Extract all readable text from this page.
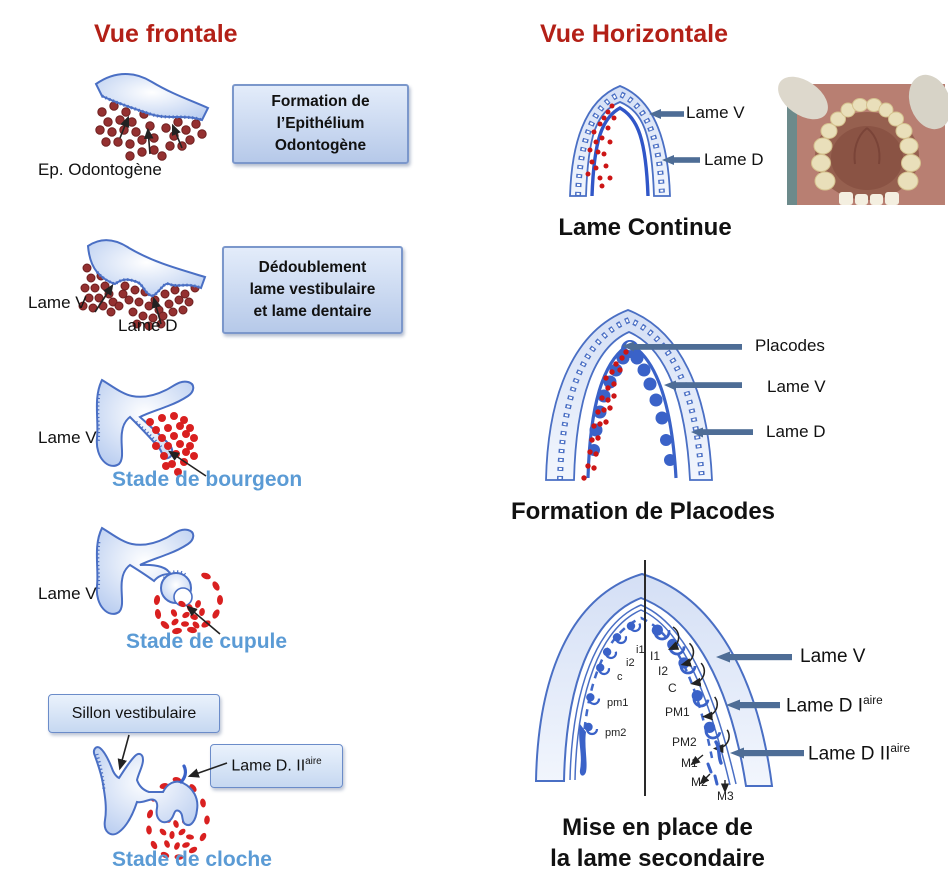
Vue frontale
Ep. Odontogène
Formation de
l’Epithélium
Odontogène
Lame V
Lame D
Dédoublement
lame vestibulaire
et lame dentaire
Lame V
Stade de bourgeon
Lame V
Stade de cupule
Sillon vestibulaire
Lame D. $II^{aire}$
Stade de cloche
Vue Horizontale
Lame V
Lame D
Lame Continue
Placodes
Lame V
Lame D
Formation de Placodes
i1
i2
c
pm1
pm2
I1
I2
C
PM1
PM2
M1
M2
M3
Lame V
Lame D $I^{aire}$
Lame D $II^{aire}$
Mise en place de
la lame secondaire
